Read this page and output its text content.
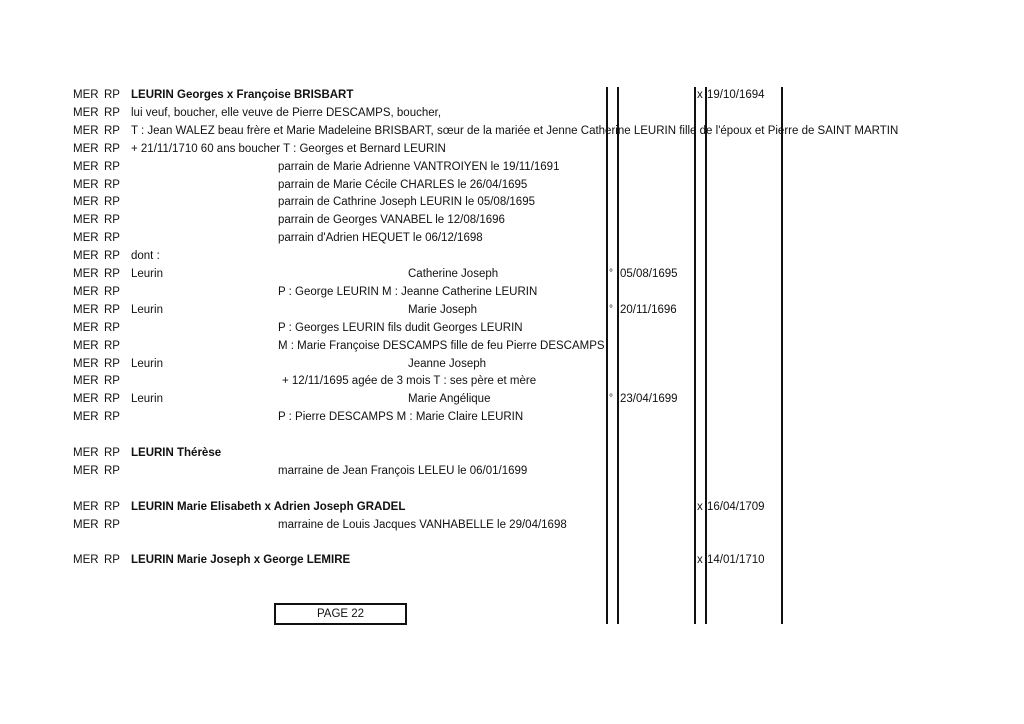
MER RP LEURIN Georges x Françoise BRISBART	x 19/10/1694
MER RP lui veuf, boucher, elle veuve de Pierre DESCAMPS, boucher,
MER RP T : Jean WALEZ beau frère et Marie Madeleine BRISBART, sœur de la mariée et Jenne Catherine LEURIN fille de l'époux et Pierre de SAINT MARTIN
MER RP + 21/11/1710 60 ans boucher T : Georges et Bernard LEURIN
MER RP	parrain de Marie Adrienne VANTROIYEN le 19/11/1691
MER RP	parrain de Marie Cécile CHARLES le 26/04/1695
MER RP	parrain de Cathrine Joseph LEURIN le 05/08/1695
MER RP	parrain de Georges VANABEL le 12/08/1696
MER RP	parrain d'Adrien HEQUET le 06/12/1698
MER RP dont :
MER RP Leurin	Catherine Joseph	° 05/08/1695
MER RP	P : George LEURIN M : Jeanne Catherine LEURIN
MER RP Leurin	Marie Joseph	° 20/11/1696
MER RP	P : Georges LEURIN fils dudit Georges LEURIN
MER RP	M : Marie Françoise DESCAMPS fille de feu Pierre DESCAMPS
MER RP Leurin	Jeanne Joseph
MER RP	+ 12/11/1695 agée de 3 mois T : ses père et mère
MER RP Leurin	Marie Angélique	° 23/04/1699
MER RP	P : Pierre DESCAMPS M : Marie Claire LEURIN
MER RP LEURIN Thérèse
MER RP	marraine de Jean François LELEU le 06/01/1699
MER RP LEURIN Marie Elisabeth x Adrien Joseph GRADEL	x 16/04/1709
MER RP	marraine de Louis Jacques VANHABELLE le 29/04/1698
MER RP LEURIN Marie Joseph x George LEMIRE	x 14/01/1710
PAGE 22
